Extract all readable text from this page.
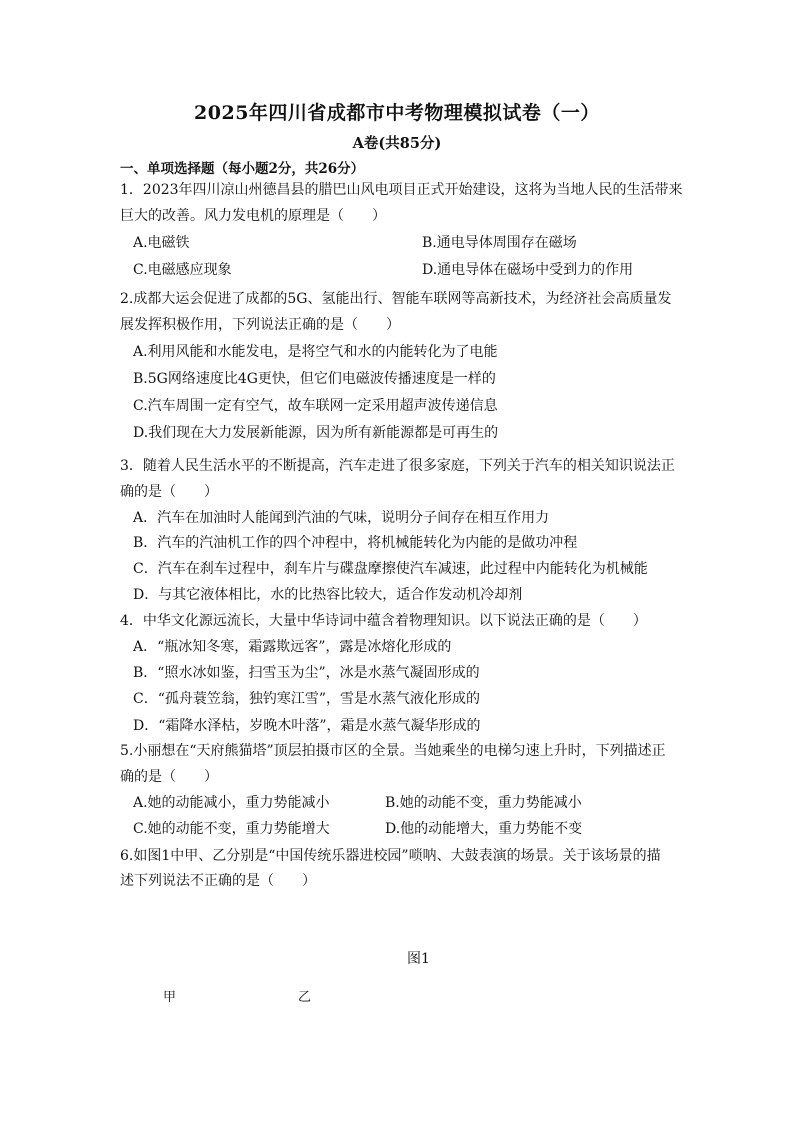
2025年四川省成都市中考物理模拟试卷（一）
A卷(共85分)
一、单项选择题（每小题2分，共26分）
1．2023年四川凉山州德昌县的腊巴山风电项目正式开始建设，这将为当地人民的生活带来
巨大的改善。风力发电机的原理是（　　）
A.电磁铁	B.通电导体周围存在磁场
C.电磁感应现象	D.通电导体在磁场中受到力的作用
2.成都大运会促进了成都的5G、氢能出行、智能车联网等高新技术，为经济社会高质量发
展发挥积极作用，下列说法正确的是（　　）
A.利用风能和水能发电，是将空气和水的内能转化为了电能
B.5G网络速度比4G更快，但它们电磁波传播速度是一样的
C.汽车周围一定有空气，故车联网一定采用超声波传递信息
D.我们现在大力发展新能源，因为所有新能源都是可再生的
3．随着人民生活水平的不断提高，汽车走进了很多家庭，下列关于汽车的相关知识说法正
确的是（　　）
A．汽车在加油时人能闻到汽油的气味，说明分子间存在相互作用力
B．汽车的汽油机工作的四个冲程中，将机械能转化为内能的是做功冲程
C．汽车在刹车过程中，刹车片与碟盘摩擦使汽车减速，此过程中内能转化为机械能
D．与其它液体相比，水的比热容比较大，适合作发动机冷却剂
4．中华文化源远流长，大量中华诗词中蕴含着物理知识。以下说法正确的是（　　）
A．“瓶冰知冬寒，霜露欺远客”，露是冰熔化形成的
B．“照水冰如鉴，扫雪玉为尘”，冰是水蒸气凝固形成的
C．“孤舟蓑笠翁，独钓寒江雪”，雪是水蒸气液化形成的
D．“霜降水泽枯，岁晚木叶落”，霜是水蒸气凝华形成的
5.小丽想在“天府熊猫塔”顶层拍摄市区的全景。当她乘坐的电梯匀速上升时，下列描述正
确的是（　　）
A.她的动能减小，重力势能减小	B.她的动能不变，重力势能减小
C.她的动能不变，重力势能增大	D.他的动能增大，重力势能不变
6.如图1中甲、乙分别是“中国传统乐器进校园”唢呐、大鼓表演的场景。关于该场景的描
述下列说法不正确的是（　　）
图1
甲	乙
